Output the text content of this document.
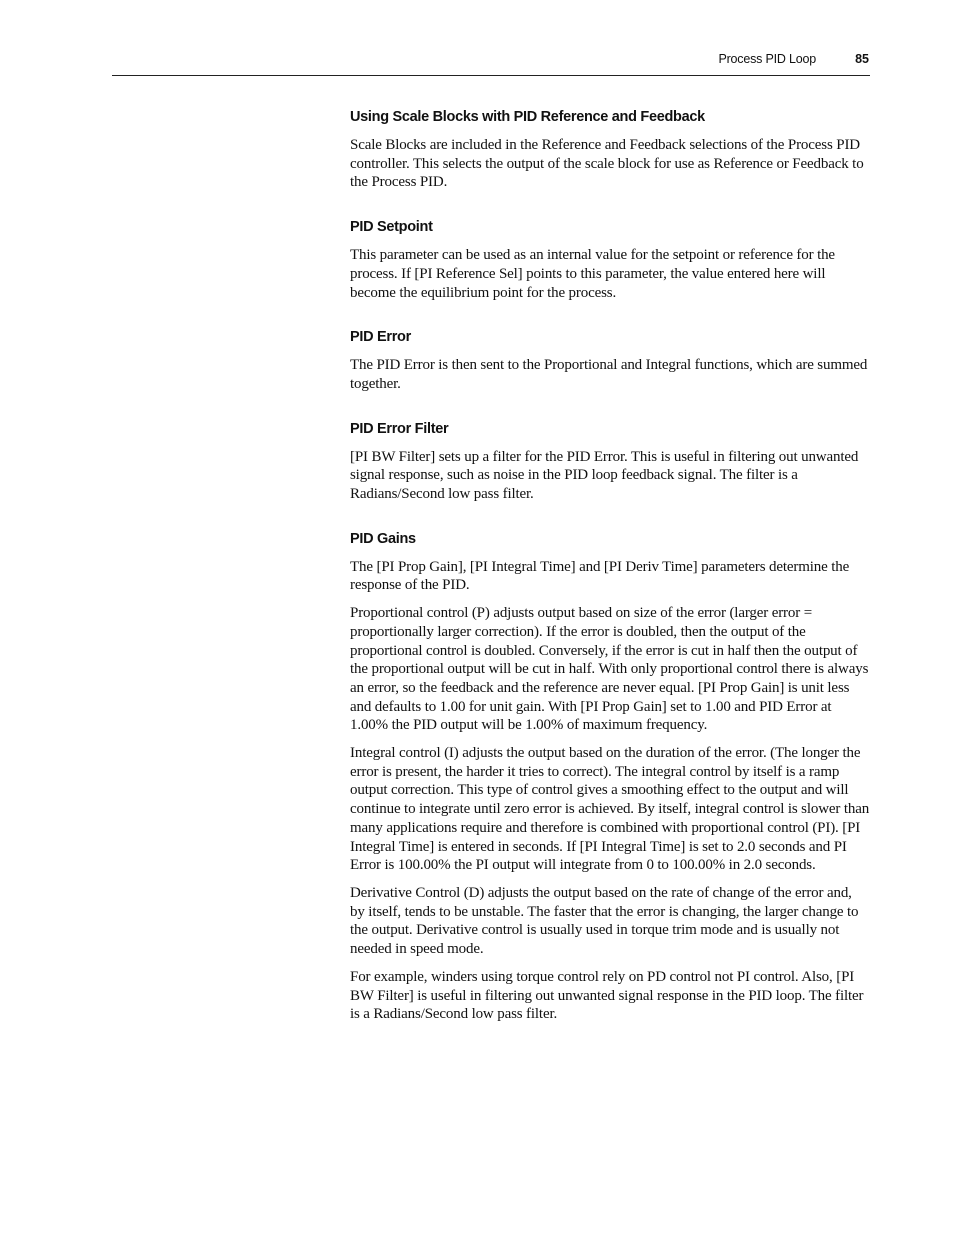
Process PID Loop	85
Using Scale Blocks with PID Reference and Feedback

Scale Blocks are included in the Reference and Feedback selections of the Process PID controller. This selects the output of the scale block for use as Reference or Feedback to the Process PID.

PID Setpoint

This parameter can be used as an internal value for the setpoint or reference for the process. If [PI Reference Sel] points to this parameter, the value entered here will become the equilibrium point for the process.

PID Error

The PID Error is then sent to the Proportional and Integral functions, which are summed together.

PID Error Filter

[PI BW Filter] sets up a filter for the PID Error. This is useful in filtering out unwanted signal response, such as noise in the PID loop feedback signal. The filter is a Radians/Second low pass filter.

PID Gains

The [PI Prop Gain], [PI Integral Time] and [PI Deriv Time] parameters determine the response of the PID.

Proportional control (P) adjusts output based on size of the error (larger error = proportionally larger correction). If the error is doubled, then the output of the proportional control is doubled. Conversely, if the error is cut in half then the output of the proportional output will be cut in half. With only proportional control there is always an error, so the feedback and the reference are never equal. [PI Prop Gain] is unit less and defaults to 1.00 for unit gain. With [PI Prop Gain] set to 1.00 and PID Error at 1.00% the PID output will be 1.00% of maximum frequency.

Integral control (I) adjusts the output based on the duration of the error. (The longer the error is present, the harder it tries to correct). The integral control by itself is a ramp output correction. This type of control gives a smoothing effect to the output and will continue to integrate until zero error is achieved. By itself, integral control is slower than many applications require and therefore is combined with proportional control (PI). [PI Integral Time] is entered in seconds. If [PI Integral Time] is set to 2.0 seconds and PI Error is 100.00% the PI output will integrate from 0 to 100.00% in 2.0 seconds.

Derivative Control (D) adjusts the output based on the rate of change of the error and, by itself, tends to be unstable. The faster that the error is changing, the larger change to the output. Derivative control is usually used in torque trim mode and is usually not needed in speed mode.

For example, winders using torque control rely on PD control not PI control. Also, [PI BW Filter] is useful in filtering out unwanted signal response in the PID loop. The filter is a Radians/Second low pass filter.
